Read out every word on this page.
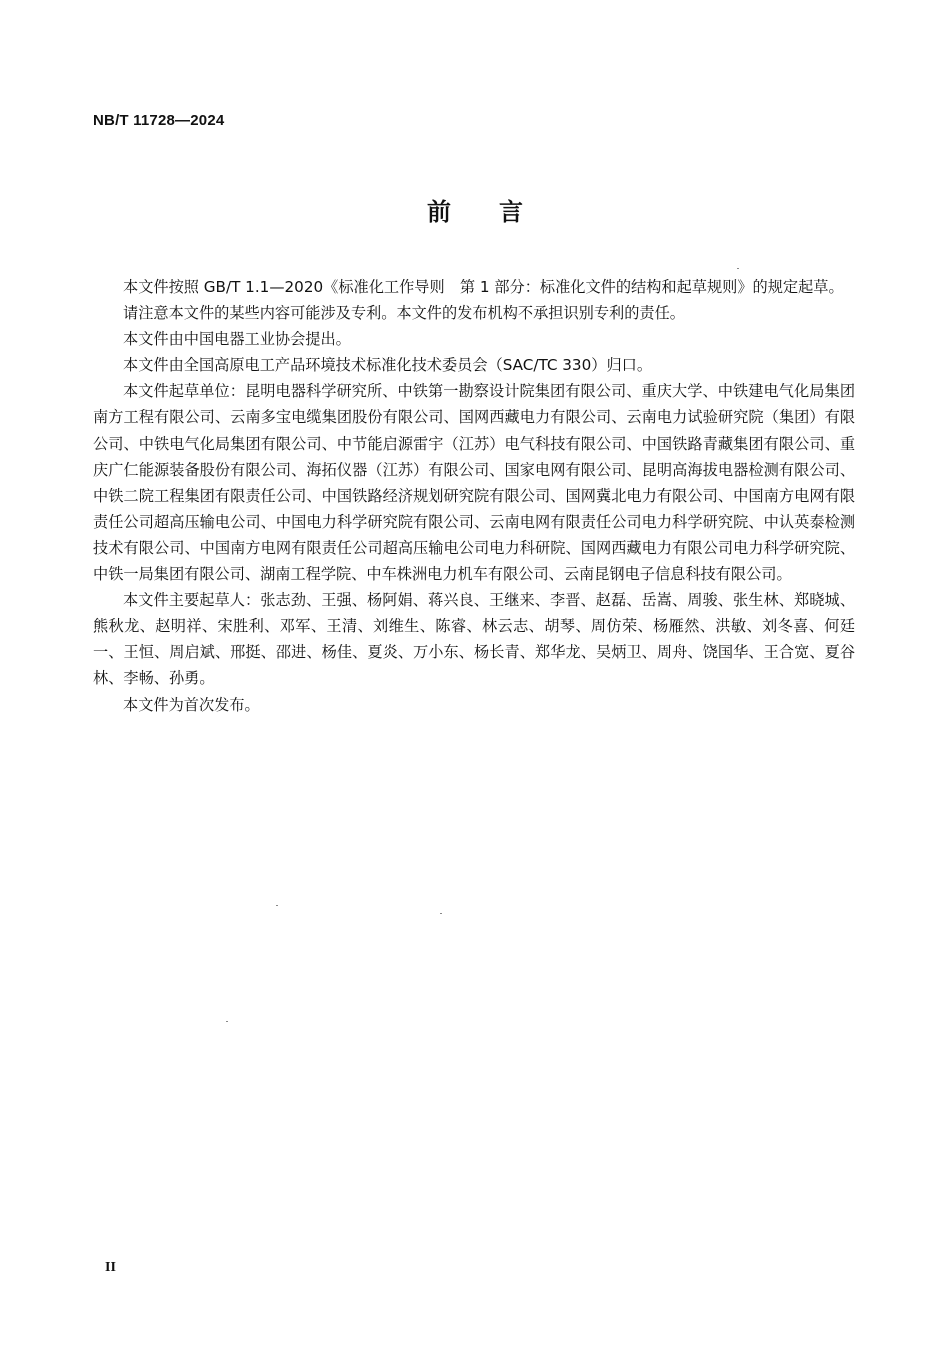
NB/T 11728—2024
前言

本文件按照 GB/T 1.1—2020《标准化工作导则　第 1 部分：标准化文件的结构和起草规则》的规定起草。

请注意本文件的某些内容可能涉及专利。本文件的发布机构不承担识别专利的责任。

本文件由中国电器工业协会提出。

本文件由全国高原电工产品环境技术标准化技术委员会（SAC/TC 330）归口。

本文件起草单位：昆明电器科学研究所、中铁第一勘察设计院集团有限公司、重庆大学、中铁建电气化局集团南方工程有限公司、云南多宝电缆集团股份有限公司、国网西藏电力有限公司、云南电力试验研究院（集团）有限公司、中铁电气化局集团有限公司、中节能启源雷宇（江苏）电气科技有限公司、中国铁路青藏集团有限公司、重庆广仁能源装备股份有限公司、海拓仪器（江苏）有限公司、国家电网有限公司、昆明高海拔电器检测有限公司、中铁二院工程集团有限责任公司、中国铁路经济规划研究院有限公司、国网冀北电力有限公司、中国南方电网有限责任公司超高压输电公司、中国电力科学研究院有限公司、云南电网有限责任公司电力科学研究院、中认英泰检测技术有限公司、中国南方电网有限责任公司超高压输电公司电力科研院、国网西藏电力有限公司电力科学研究院、中铁一局集团有限公司、湖南工程学院、中车株洲电力机车有限公司、云南昆钢电子信息科技有限公司。

本文件主要起草人：张志劲、王强、杨阿娟、蒋兴良、王继来、李晋、赵磊、岳嵩、周骏、张生林、郑晓城、熊秋龙、赵明祥、宋胜利、邓军、王清、刘维生、陈睿、林云志、胡琴、周仿荣、杨雁然、洪敏、刘冬喜、何廷一、王恒、周启斌、邢挺、邵进、杨佳、夏炎、万小东、杨长青、郑华龙、吴炳卫、周舟、饶国华、王合宽、夏谷林、李畅、孙勇。

本文件为首次发布。

II
